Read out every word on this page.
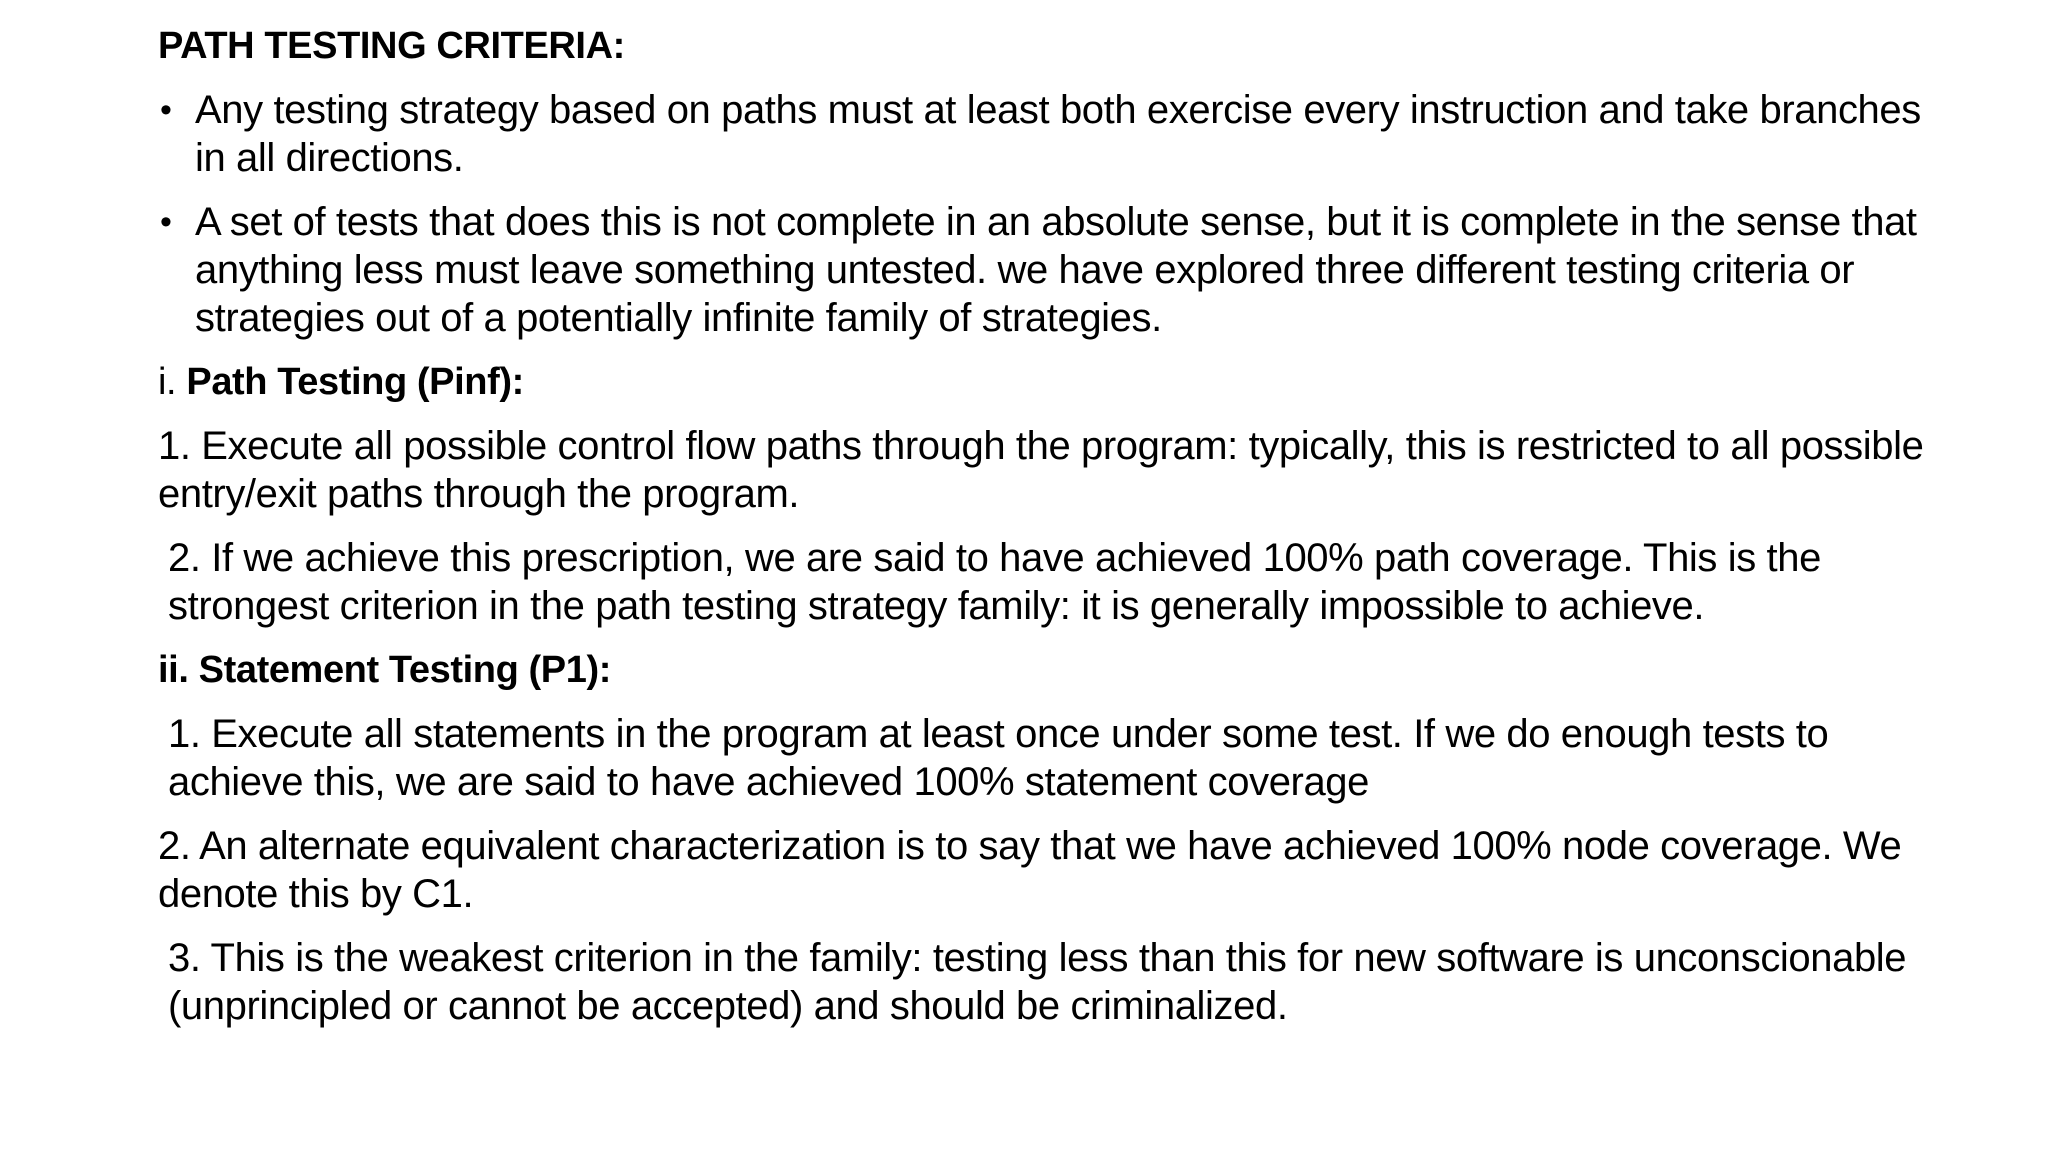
PATH TESTING CRITERIA:
• Any testing strategy based on paths must at least both exercise every instruction and take branches in all directions.
• A set of tests that does this is not complete in an absolute sense, but it is complete in the sense that anything less must leave something untested. we have explored three different testing criteria or strategies out of a potentially infinite family of strategies.
i. Path Testing (Pinf):
1. Execute all possible control flow paths through the program: typically, this is restricted to all possible entry/exit paths through the program.
2. If we achieve this prescription, we are said to have achieved 100% path coverage. This is the strongest criterion in the path testing strategy family: it is generally impossible to achieve.
ii. Statement Testing (P1):
1. Execute all statements in the program at least once under some test. If we do enough tests to achieve this, we are said to have achieved 100% statement coverage
2. An alternate equivalent characterization is to say that we have achieved 100% node coverage. We denote this by C1.
3. This is the weakest criterion in the family: testing less than this for new software is unconscionable (unprincipled or cannot be accepted) and should be criminalized.
